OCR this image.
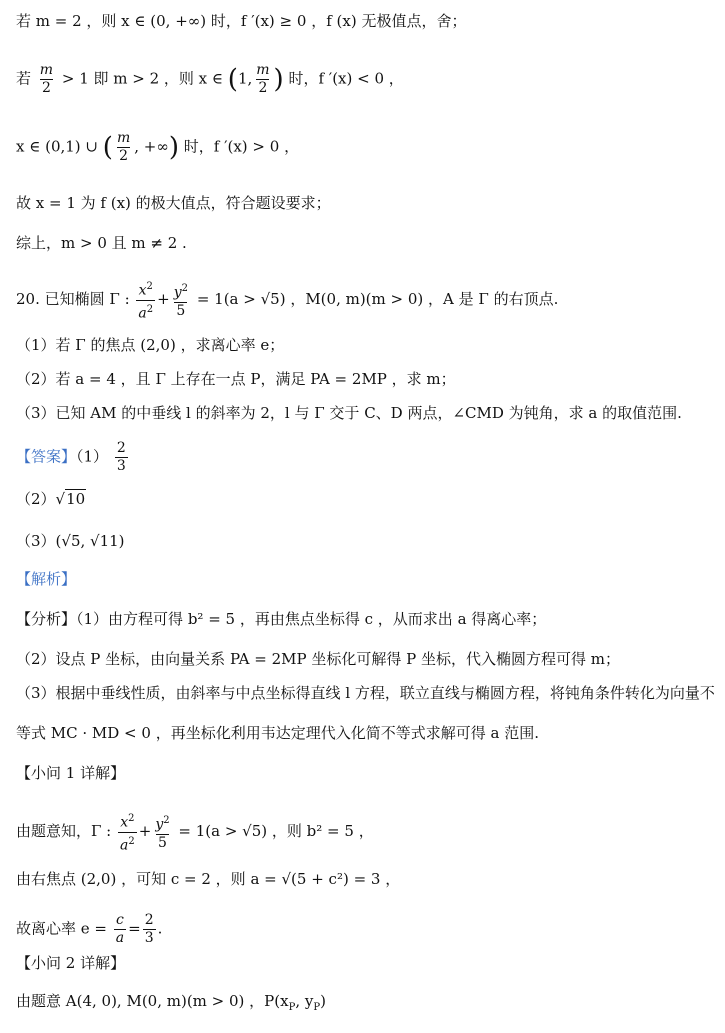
若 m = 2 ，则 x ∈ (0, +∞) 时，f ′(x) ≥ 0 ，f (x) 无极值点，舍；
若 $\frac{m}{2} > 1$ 即 m > 2 ，则 x ∈ (1, $\frac{m}{2}$ ) 时，f ′(x) < 0 ，
x ∈ (0,1) ∪ ( $\frac{m}{2}$ , +∞) 时，f ′(x) > 0 ，
故 x = 1 为 f (x) 的极大值点，符合题设要求；
综上，m > 0 且 m ≠ 2 .
20. 已知椭圆 Γ : $\frac{x^2}{a^2} + \frac{y^2}{5} = 1(a > √5)$ ，M(0, m)(m > 0) ，A 是 Γ 的右顶点.
（1）若 Γ 的焦点 (2,0) ，求离心率 e；
（2）若 a = 4 ，且 Γ 上存在一点 P，满足 PA = 2MP ，求 m；
（3）已知 AM 的中垂线 l 的斜率为 2，l 与 Γ 交于 C、D 两点，∠CMD 为钝角，求 a 的取值范围.
【答案】$(1) \frac{2}{3}$
（2）√10
（3）(√5, √11)
【解析】
【分析】（1）由方程可得 b² = 5 ，再由焦点坐标得 c ，从而求出 a 得离心率；
（2）设点 P 坐标，由向量关系 PA = 2MP 坐标化可解得 P 坐标，代入椭圆方程可得 m；
（3）根据中垂线性质，由斜率与中点坐标得直线 l 方程，联立直线与椭圆方程，将钝角条件转化为向量不
等式 MC · MD < 0 ，再坐标化利用韦达定理代入化简不等式求解可得 a 范围.
【小问 1 详解】
由题意知，Γ : $\frac{x^2}{a^2} + \frac{y^2}{5} = 1(a > √5)$ ，则 b² = 5 ，
由右焦点 (2,0) ，可知 c = 2 ，则 a = √(5 + c²) = 3 ，
故离心率 $e = \frac{c}{a} = \frac{2}{3}$ .
【小问 2 详解】
由题意 A(4, 0), M(0, m)(m > 0) ，$P(x_P$, $y_P$)
